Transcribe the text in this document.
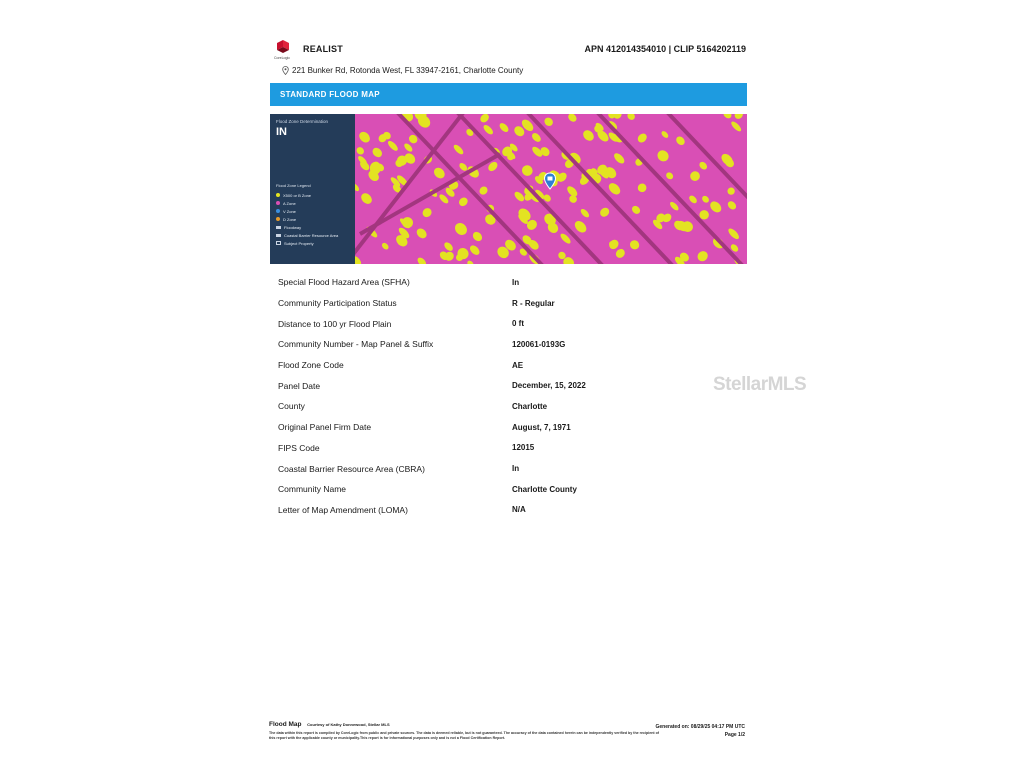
CoreLogic
REALIST	APN 412014354010 | CLIP 5164202119
221 Bunker Rd, Rotonda West, FL 33947-2161, Charlotte County
STANDARD FLOOD MAP
Flood Zone Determination
IN
Flood Zone Legend
X500 or B Zone
A Zone
V Zone
D Zone
Floodway
Coastal Barrier Resource Area
Subject Property
Special Flood Hazard Area (SFHA)	In
Community Participation Status	R - Regular
Distance to 100 yr Flood Plain	0 ft
Community Number - Map Panel & Suffix	120061-0193G
Flood Zone Code	AE
Panel Date	December, 15, 2022
County	Charlotte
Original Panel Firm Date	August, 7, 1971
FIPS Code	12015
Coastal Barrier Resource Area (CBRA)	In
Community Name	Charlotte County
Letter of Map Amendment (LOMA)	N/A
StellarMLS
Flood Map Courtesy of Kathy Donnewood, Stellar MLS	Generated on: 08/29/25 04:17 PM UTC
Page 1/2
The data within this report is compiled by CoreLogic from public and private sources. The data is deemed reliable, but is not guaranteed. The accuracy of the data contained herein can be independently verified by the recipient of this report with the applicable county or municipality.This report is for informational purposes only and is not a Flood Certification Report.
